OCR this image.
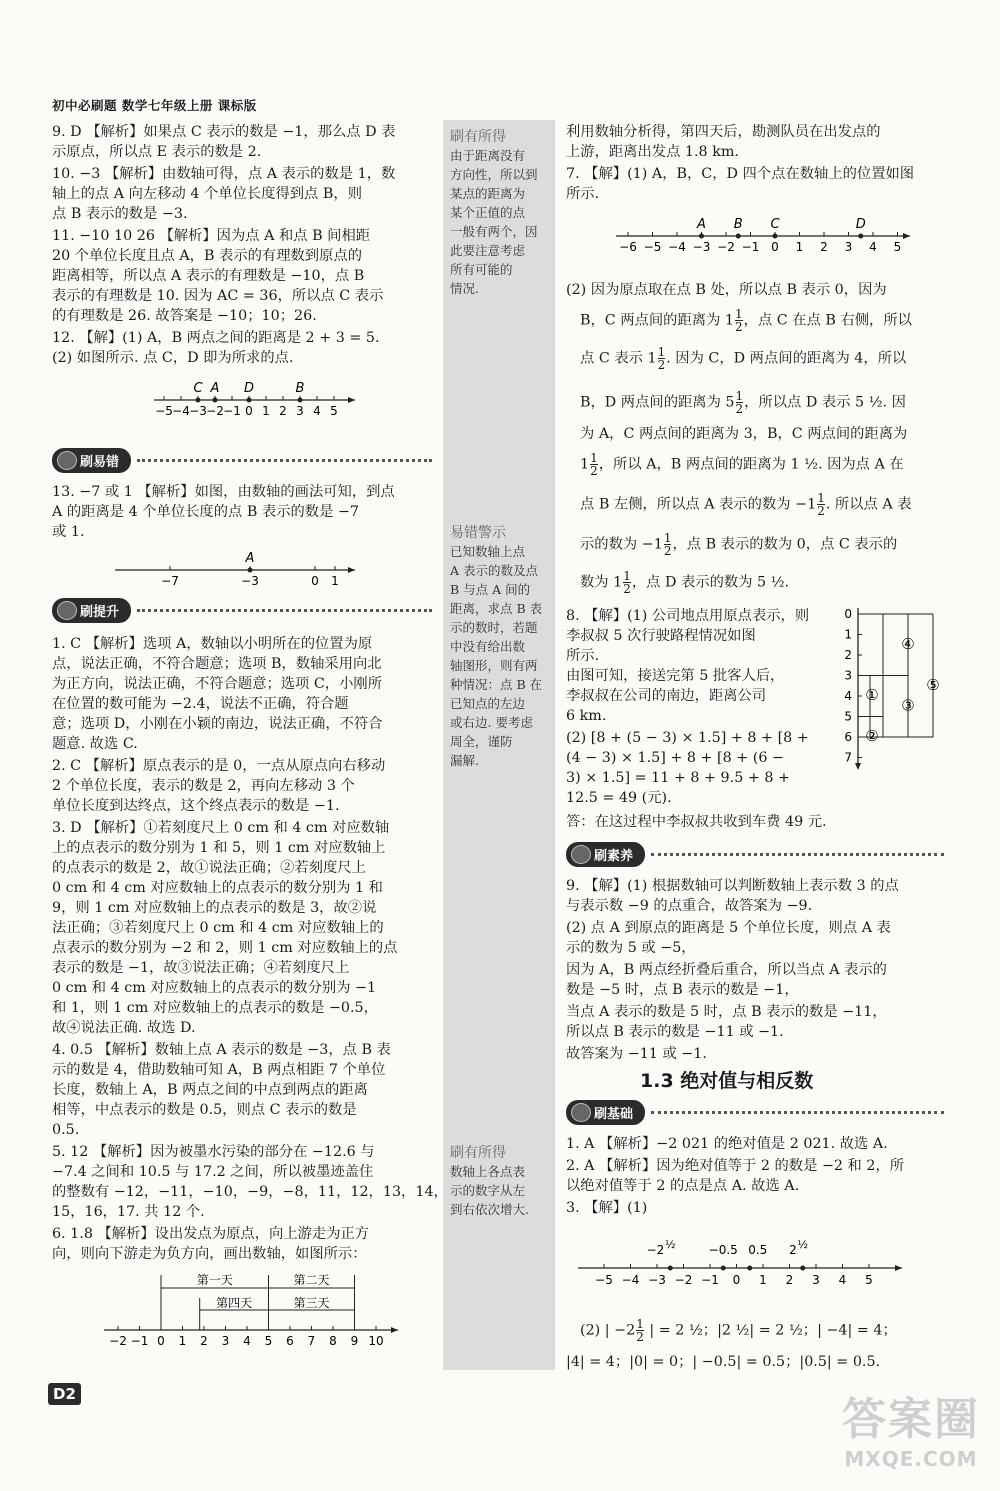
初中必刷题 数学七年级上册 课标版
9. D 【解析】如果点 C 表示的数是 −1，那么点 D 表
示原点，所以点 E 表示的数是 2.
10. −3 【解析】由数轴可得，点 A 表示的数是 1，数
轴上的点 A 向左移动 4 个单位长度得到点 B，则
点 B 表示的数是 −3.
11. −10 10 26 【解析】因为点 A 和点 B 间相距
20 个单位长度且点 A，B 表示的有理数到原点的
距离相等，所以点 A 表示的有理数是 −10，点 B
表示的有理数是 10. 因为 AC = 36，所以点 C 表示
的有理数是 26. 故答案是 −10；10；26.
12. 【解】(1) A，B 两点之间的距离是 2 + 3 = 5.
(2) 如图所示. 点 C，D 即为所求的点.
13. −7 或 1 【解析】如图，由数轴的画法可知，到点
A 的距离是 4 个单位长度的点 B 表示的数是 −7
或 1.
1. C 【解析】选项 A，数轴以小明所在的位置为原
点，说法正确，不符合题意；选项 B，数轴采用向北
为正方向，说法正确，不符合题意；选项 C，小刚所
在位置的数可能为 −2.4，说法不正确，符合题
意；选项 D，小刚在小颖的南边，说法正确，不符合
题意. 故选 C.
2. C 【解析】原点表示的是 0，一点从原点向右移动
2 个单位长度，表示的数是 2，再向左移动 3 个
单位长度到达终点，这个终点表示的数是 −1.
3. D 【解析】①若刻度尺上 0 cm 和 4 cm 对应数轴
上的点表示的数分别为 1 和 5，则 1 cm 对应数轴上
的点表示的数是 2，故①说法正确；②若刻度尺上
0 cm 和 4 cm 对应数轴上的点表示的数分别为 1 和
9，则 1 cm 对应数轴上的点表示的数是 3，故②说
法正确；③若刻度尺上 0 cm 和 4 cm 对应数轴上的
点表示的数分别为 −2 和 2，则 1 cm 对应数轴上的点
表示的数是 −1，故③说法正确；④若刻度尺上
0 cm 和 4 cm 对应数轴上的点表示的数分别为 −1
和 1，则 1 cm 对应数轴上的点表示的数是 −0.5，
故④说法正确. 故选 D.
4. 0.5 【解析】数轴上点 A 表示的数是 −3，点 B 表
示的数是 4，借助数轴可知 A，B 两点相距 7 个单位
长度，数轴上 A，B 两点之间的中点到两点的距离
相等，中点表示的数是 0.5，则点 C 表示的数是
0.5.
5. 12 【解析】因为被墨水污染的部分在 −12.6 与
−7.4 之间和 10.5 与 17.2 之间，所以被墨迹盖住
的整数有 −12，−11，−10，−9，−8，11，12，13，14，
15，16，17. 共 12 个.
6. 1.8 【解析】设出发点为原点，向上游走为正方
向，则向下游走为负方向，画出数轴，如图所示：
利用数轴分析得，第四天后，勘测队员在出发点的
上游，距离出发点 1.8 km.
7. 【解】(1) A，B，C，D 四个点在数轴上的位置如图
所示.
(2) 因为原点取在点 B 处，所以点 B 表示 0，因为
8. 【解】(1) 公司地点用原点表示，则
李叔叔 5 次行驶路程情况如图
所示.
由图可知，接送完第 5 批客人后，
李叔叔在公司的南边，距离公司
6 km.
(2) [8 + (5 − 3) × 1.5] + 8 + [8 +
(4 − 3) × 1.5] + 8 + [8 + (6 −
3) × 1.5] = 11 + 8 + 9.5 + 8 +
12.5 = 49 (元).
答：在这过程中李叔叔共收到车费 49 元.
9. 【解】(1) 根据数轴可以判断数轴上表示数 3 的点
与表示数 −9 的点重合，故答案为 −9.
(2) 点 A 到原点的距离是 5 个单位长度，则点 A 表
示的数为 5 或 −5，
因为 A，B 两点经折叠后重合，所以当点 A 表示的
数是 −5 时，点 B 表示的数是 −1，
当点 A 表示的数是 5 时，点 B 表示的数是 −11，
所以点 B 表示的数是 −11 或 −1.
故答案为 −11 或 −1.
1. A 【解析】−2 021 的绝对值是 2 021. 故选 A.
2. A 【解析】因为绝对值等于 2 的数是 −2 和 2，所
以绝对值等于 2 的点是点 A. 故选 A.
3. 【解】(1)
|4| = 4；|0| = 0；| −0.5| = 0.5；|0.5| = 0.5.
B，C 两点间的距离为 $1 \frac{1}{2}$ ，点 C 在点 B 右侧，所以
点 C 表示 $1 \frac{1}{2}$ . 因为 C，D 两点间的距离为 4，所以
B，D 两点间的距离为 $5 \frac{1}{2}$ ，所以点 D 表示 5 ½. 因
为 A，C 两点间的距离为 3，B，C 两点间的距离为
$1 \frac{1}{2}$ ，所以 A，B 两点间的距离为 1 ½. 因为点 A 在
点 B 左侧，所以点 A 表示的数为 $-1 \frac{1}{2}$ . 所以点 A 表
示的数为 $-1 \frac{1}{2}$ ，点 B 表示的数为 0，点 C 表示的
数为 $1 \frac{1}{2}$ ，点 D 表示的数为 5 ½.
(2) | $-2 \frac{1}{2}$ | = 2 ½；|2 ½| = 2 ½；| −4| = 4；
刷易错
刷提升
刷素养
刷基础
1.3 绝对值与相反数
刷有所得
由于距离没有
方向性，所以到
某点的距离为
某个正值的点
一般有两个，因
此要注意考虑
所有可能的
情况.
易错警示
已知数轴上点
A 表示的数及点
B 与点 A 间的
距离，求点 B 表
示的数时，若题
中没有给出数
轴图形，则有两
种情况：点 B 在
已知点的左边
或右边. 要考虑
周全，谨防
漏解.
刷有所得
数轴上各点表
示的数字从左
到右依次增大.
−5 −4 −3 −2 −1 0 1 2 3 4 5
C A D	B
−7	−3	0 1
A
−2 −1 0 1 2 3 4 5 6 7 8 9 10
第一天	第二天
第四天	第三天
−6 −5 −4 −3 −2 −1 0 1 2 3 4 5
A B C	D
0
1
2
3
4
5
6
7
①
②
③
④
⑤
−5 −4 −3 −2 −1 0 1 2 3 4 5
−2 ½	−0.5 0.5 2 ½
D2	答案圈
MXQE.COM
